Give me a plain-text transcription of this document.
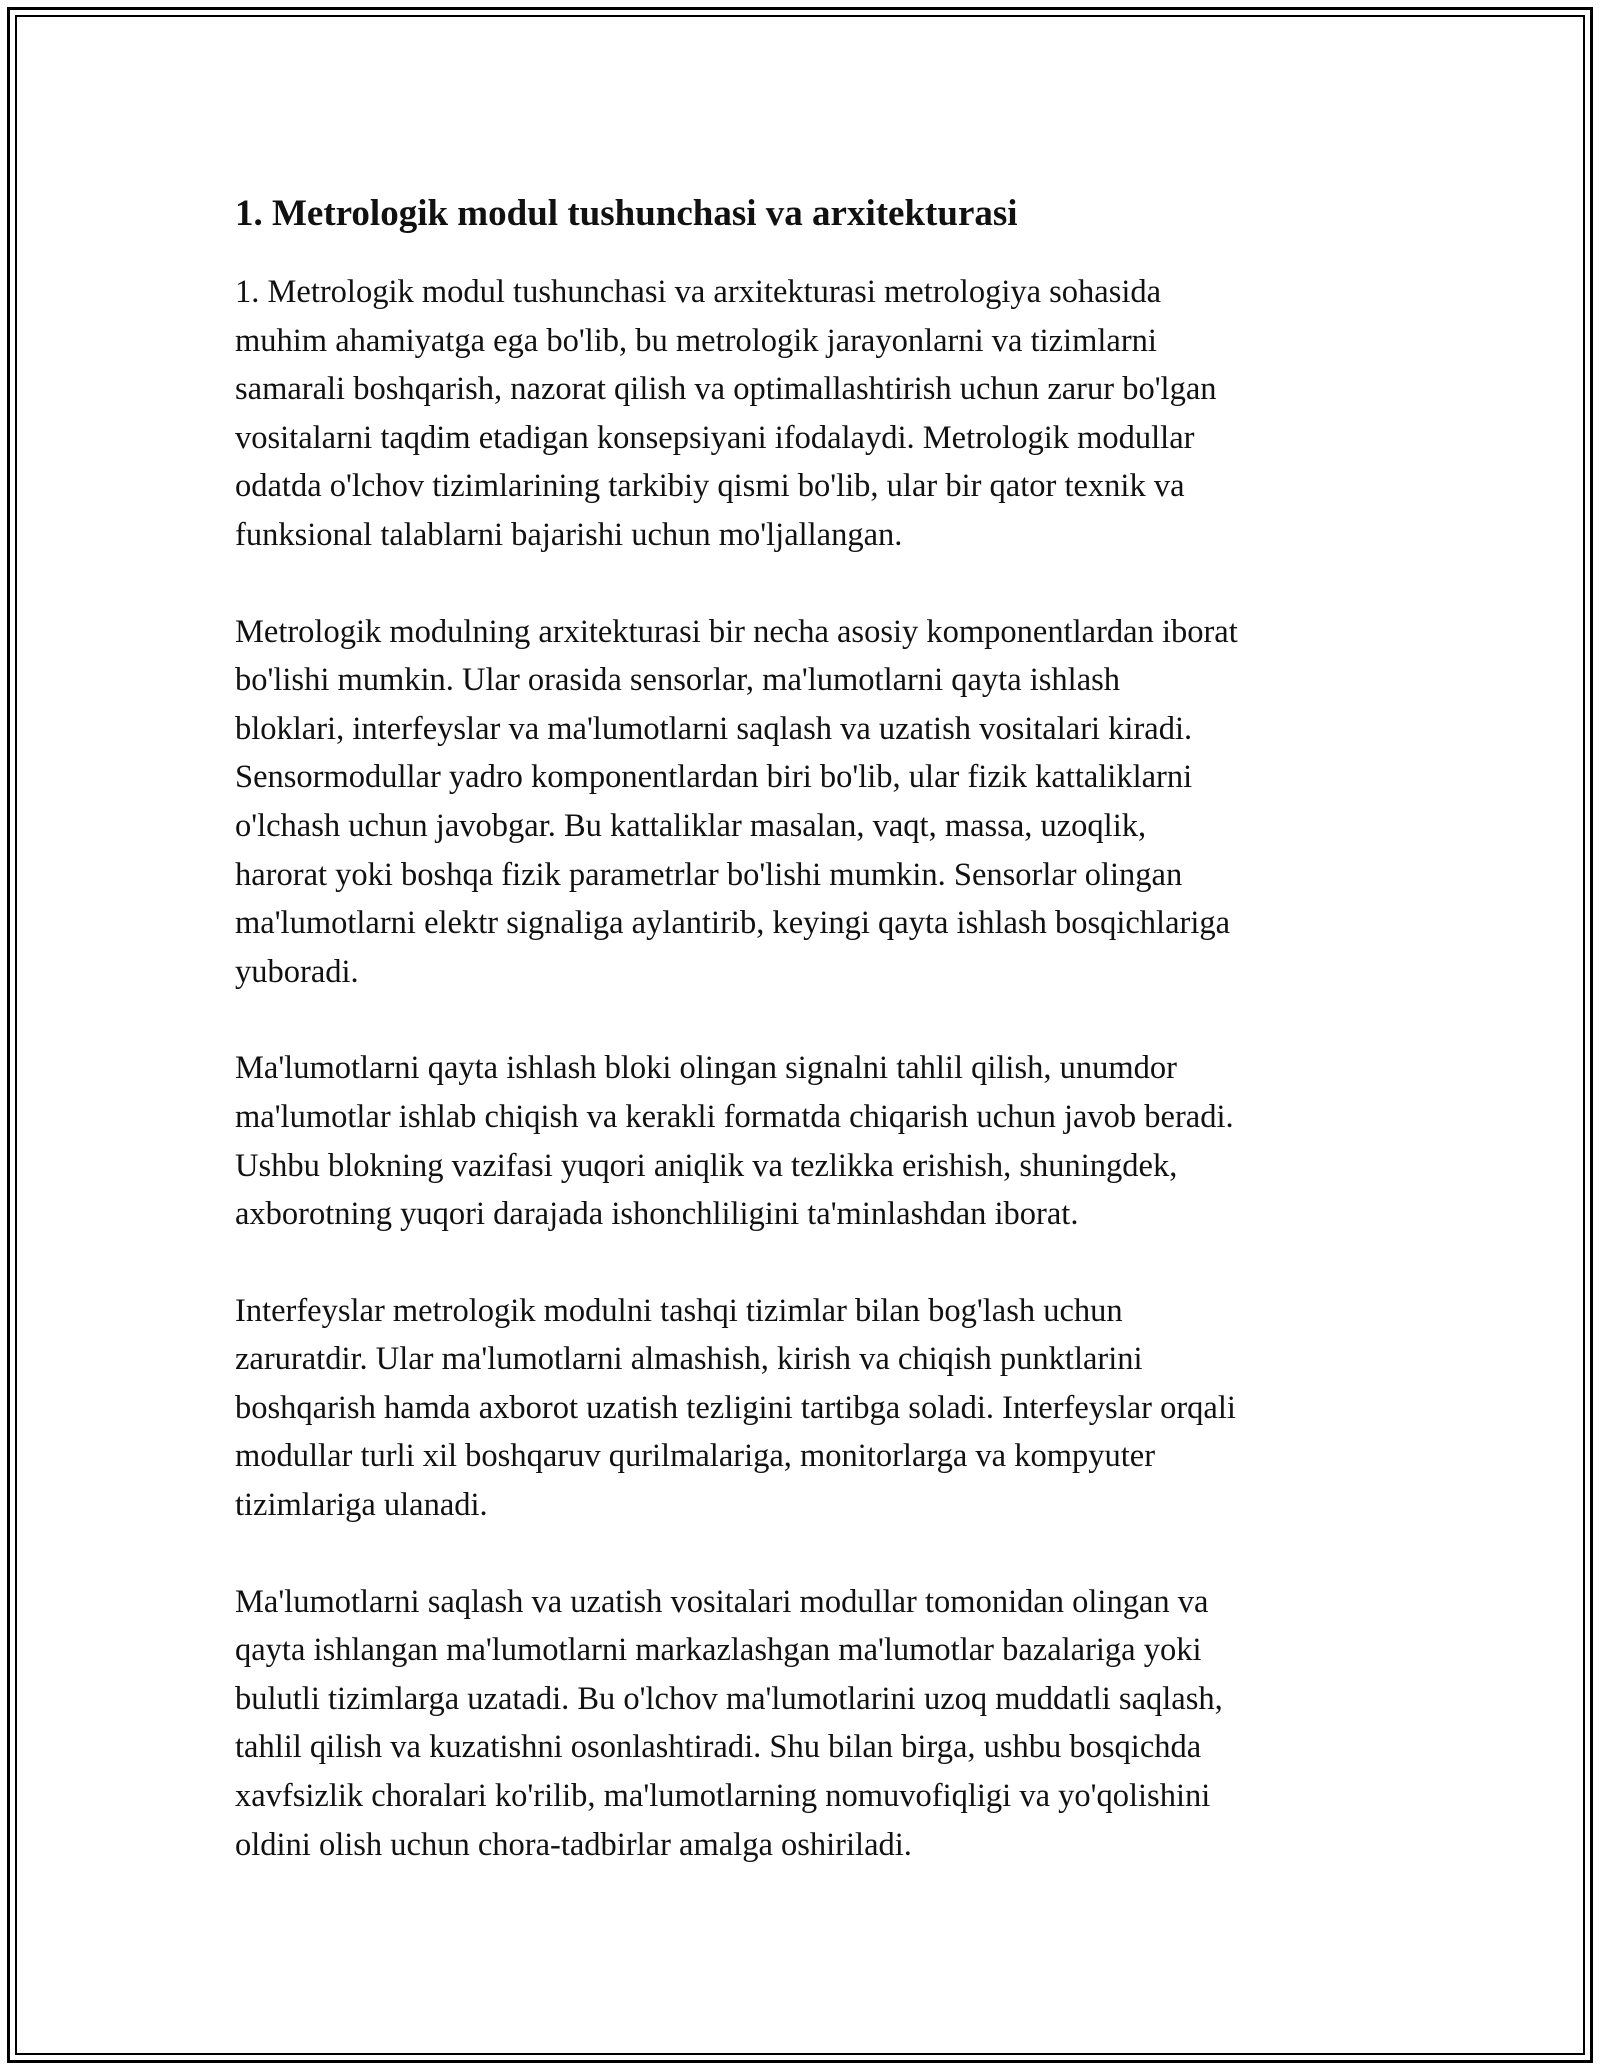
1. Metrologik modul tushunchasi va arxitekturasi

1. Metrologik modul tushunchasi va arxitekturasi metrologiya sohasida
muhim ahamiyatga ega bo'lib, bu metrologik jarayonlarni va tizimlarni
samarali boshqarish, nazorat qilish va optimallashtirish uchun zarur bo'lgan
vositalarni taqdim etadigan konsepsiyani ifodalaydi. Metrologik modullar
odatda o'lchov tizimlarining tarkibiy qismi bo'lib, ular bir qator texnik va
funksional talablarni bajarishi uchun mo'ljallangan.

Metrologik modulning arxitekturasi bir necha asosiy komponentlardan iborat
bo'lishi mumkin. Ular orasida sensorlar, ma'lumotlarni qayta ishlash
bloklari, interfeyslar va ma'lumotlarni saqlash va uzatish vositalari kiradi.
Sensormodullar yadro komponentlardan biri bo'lib, ular fizik kattaliklarni
o'lchash uchun javobgar. Bu kattaliklar masalan, vaqt, massa, uzoqlik,
harorat yoki boshqa fizik parametrlar bo'lishi mumkin. Sensorlar olingan
ma'lumotlarni elektr signaliga aylantirib, keyingi qayta ishlash bosqichlariga
yuboradi.

Ma'lumotlarni qayta ishlash bloki olingan signalni tahlil qilish, unumdor
ma'lumotlar ishlab chiqish va kerakli formatda chiqarish uchun javob beradi.
Ushbu blokning vazifasi yuqori aniqlik va tezlikka erishish, shuningdek,
axborotning yuqori darajada ishonchliligini ta'minlashdan iborat.

Interfeyslar metrologik modulni tashqi tizimlar bilan bog'lash uchun
zaruratdir. Ular ma'lumotlarni almashish, kirish va chiqish punktlarini
boshqarish hamda axborot uzatish tezligini tartibga soladi. Interfeyslar orqali
modullar turli xil boshqaruv qurilmalariga, monitorlarga va kompyuter
tizimlariga ulanadi.

Ma'lumotlarni saqlash va uzatish vositalari modullar tomonidan olingan va
qayta ishlangan ma'lumotlarni markazlashgan ma'lumotlar bazalariga yoki
bulutli tizimlarga uzatadi. Bu o'lchov ma'lumotlarini uzoq muddatli saqlash,
tahlil qilish va kuzatishni osonlashtiradi. Shu bilan birga, ushbu bosqichda
xavfsizlik choralari ko'rilib, ma'lumotlarning nomuvofiqligi va yo'qolishini
oldini olish uchun chora-tadbirlar amalga oshiriladi.
